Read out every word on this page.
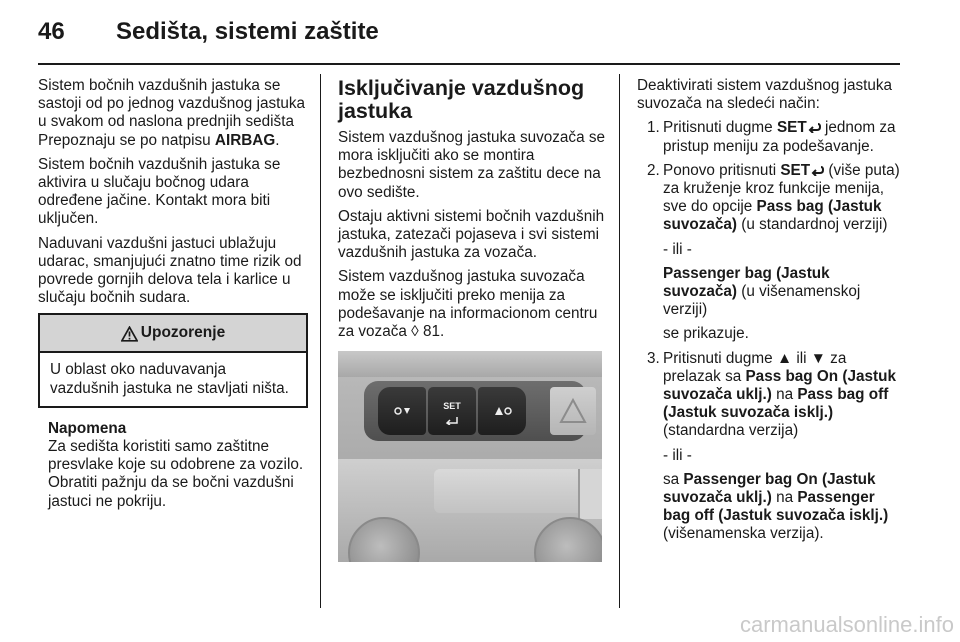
46 Sedišta, sistemi zaštite

Sistem bočnih vazdušnih jastuka se sastoji od po jednog vazdušnog jastuka u svakom od naslona prednjih sedišta Prepoznaju se po natpisu AIRBAG.

Sistem bočnih vazdušnih jastuka se aktivira u slučaju bočnog udara određene jačine. Kontakt mora biti uključen.

Naduvani vazdušni jastuci ublažuju udarac, smanjujući znatno time rizik od povrede gornjih delova tela i karlice u slučaju bočnih sudara.

Upozorenje
U oblast oko naduvavanja vazdušnih jastuka ne stavljati ništa.
Napomena
Za sedišta koristiti samo zaštitne presvlake koje su odobrene za vozilo. Obratiti pažnju da se bočni vazdušni jastuci ne pokriju.
Isključivanje vazdušnog jastuka

Sistem vazdušnog jastuka suvozača se mora isključiti ako se montira bezbednosni sistem za zaštitu dece na ovo sedište.

Ostaju aktivni sistemi bočnih vazdušnih jastuka, zatezači pojaseva i svi sistemi vazdušnih jastuka za vozača.

Sistem vazdušnog jastuka suvozača može se isključiti preko menija za podešavanje na informacionom centru za vozača ◊ 81.

SET

Deaktivirati sistem vazdušnog jastuka suvozača na sledeći način:

1. Pritisnuti dugme SET jednom za pristup meniju za podešavanje.

2. Ponovo pritisnuti SET (više puta) za kruženje kroz funkcije menija, sve do opcije Pass bag (Jastuk suvozača) (u standardnoj verziji)

- ili -

Passenger bag (Jastuk suvozača) (u višenamenskoj verziji)

se prikazuje.

3. Pritisnuti dugme ▲ ili ▼ za prelazak sa Pass bag On (Jastuk suvozača uklj.) na Pass bag off (Jastuk suvozača isklj.) (standardna verzija)

- ili -

sa Passenger bag On (Jastuk suvozača uklj.) na Passenger bag off (Jastuk suvozača isklj.) (višenamenska verzija).

carmanualsonline.info
